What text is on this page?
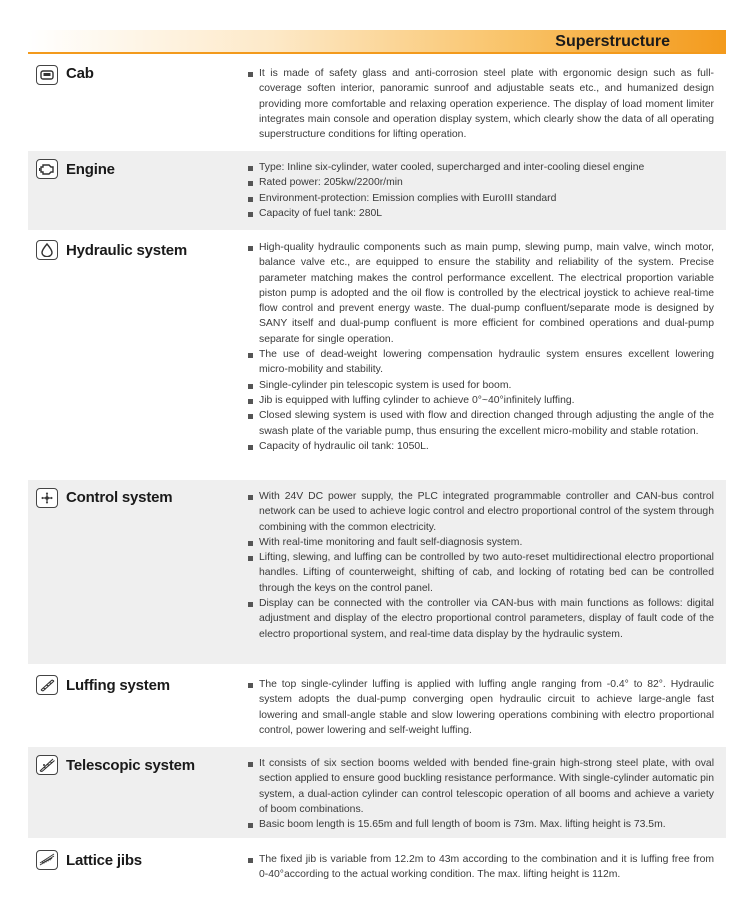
Superstructure
Cab	It is made of safety glass and anti-corrosion steel plate with ergonomic design such as full-coverage soften interior, panoramic sunroof and adjustable seats etc., and humanized design providing more comfortable and relaxing operation experience. The display of load moment limiter integrates main console and operation display system, which clearly show the data of all operating superstructure conditions for lifting operation.
Engine	Type: Inline six-cylinder, water cooled, supercharged and inter-cooling diesel engine
Rated power: 205kw/2200r/min
Environment-protection: Emission complies with EuroIII standard
Capacity of fuel tank: 280L
Hydraulic system	High-quality hydraulic components such as main pump, slewing pump, main valve, winch motor, balance valve etc., are equipped to ensure the stability and reliability of the system. Precise parameter matching makes the control performance excellent. The electrical proportion variable piston pump is adopted and the oil flow is controlled by the electrical joystick to achieve real-time flow control and prevent energy waste. The dual-pump confluent/separate mode is designed by SANY itself and dual-pump confluent is more efficient for combined operations and dual-pump separate for single operation.
The use of dead-weight lowering compensation hydraulic system ensures excellent lowering micro-mobility and stability.
Single-cylinder pin telescopic system is used for boom.
Jib is equipped with luffing cylinder to achieve 0°~40°infinitely luffing.
Closed slewing system is used with flow and direction changed through adjusting the angle of the swash plate of the variable pump, thus ensuring the excellent micro-mobility and stable rotation.
Capacity of hydraulic oil tank: 1050L.
Control system	With 24V DC power supply, the PLC integrated programmable controller and CAN-bus control network can be used to achieve logic control and electro proportional control of the system through combining with the common electricity.
With real-time monitoring and fault self-diagnosis system.
Lifting, slewing, and luffing can be controlled by two auto-reset multidirectional electro proportional handles. Lifting of counterweight, shifting of cab, and locking of rotating bed can be controlled through the keys on the control panel.
Display can be connected with the controller via CAN-bus with main functions as follows: digital adjustment and display of the electro proportional control parameters, display of fault code of the electro proportional system, and real-time data display by the hydraulic system.
Luffing system	The top single-cylinder luffing is applied with luffing angle ranging from -0.4° to 82°. Hydraulic system adopts the dual-pump converging open hydraulic circuit to achieve large-angle fast lowering and small-angle stable and slow lowering operations combining with electro proportional control, power lowering and self-weight luffing.
Telescopic system	It consists of six section booms welded with bended fine-grain high-strong steel plate, with oval section applied to ensure good buckling resistance performance. With single-cylinder automatic pin system, a dual-action cylinder can control telescopic operation of all booms and achieve a variety of boom combinations.
Basic boom length is 15.65m and full length of boom is 73m. Max. lifting height is 73.5m.
Lattice jibs	The fixed jib is variable from 12.2m to 43m according to the combination and it is luffing free from 0-40°according to the actual working condition. The max. lifting height is 112m.
